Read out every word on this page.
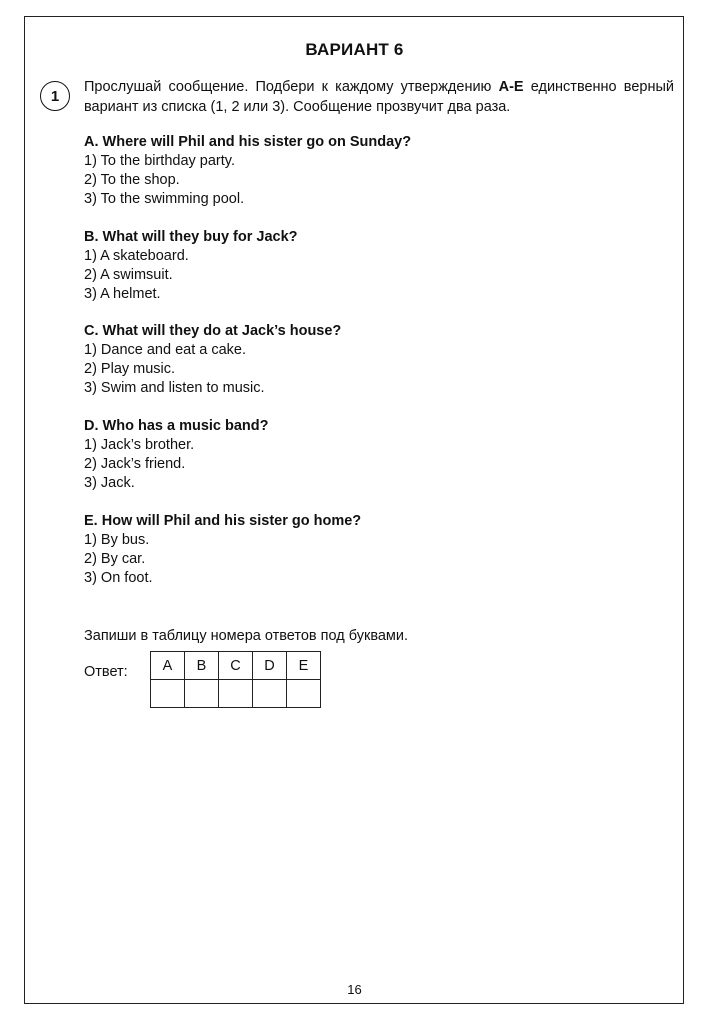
ВАРИАНТ 6
1
Прослушай сообщение. Подбери к каждому утверждению A-E единственно верный вариант из списка (1, 2 или 3). Сообщение прозвучит два раза.
A. Where will Phil and his sister go on Sunday?
1) To the birthday party.
2) To the shop.
3) To the swimming pool.
B. What will they buy for Jack?
1) A skateboard.
2) A swimsuit.
3) A helmet.
C. What will they do at Jack’s house?
1) Dance and eat a cake.
2) Play music.
3) Swim and listen to music.
D. Who has a music band?
1) Jack’s brother.
2) Jack’s friend.
3) Jack.
E. How will Phil and his sister go home?
1) By bus.
2) By car.
3) On foot.
Запиши в таблицу номера ответов под буквами.
Ответ: A	B	C	D	E

16
